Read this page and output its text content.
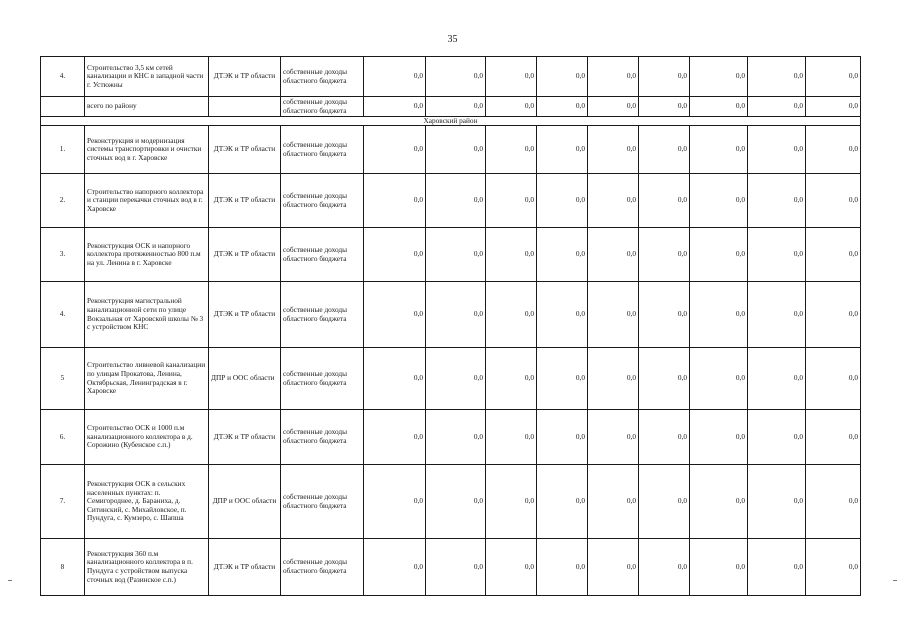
35
4.	Строительство 3,5 км сетей канализации и КНС в западной части г. Устюжны	ДТЭК и ТР области	собственные доходы областного бюджета	0,0	0,0	0,0	0,0	0,0	0,0	0,0	0,0	0,0
	всего по району		собственные доходы областного бюджета	0,0	0,0	0,0	0,0	0,0	0,0	0,0	0,0	0,0
Харовский район												
1.	Реконструкция и модернизация системы транспортировки и очистки сточных вод в г. Харовске	ДТЭК и ТР области	собственные доходы областного бюджета	0,0	0,0	0,0	0,0	0,0	0,0	0,0	0,0	0,0
2.	Строительство напорного коллектора и станции перекачки сточных вод в г. Харовске	ДТЭК и ТР области	собственные доходы областного бюджета	0,0	0,0	0,0	0,0	0,0	0,0	0,0	0,0	0,0
3.	Реконструкция ОСК и напорного коллектора протяженностью 800 п.м на ул. Ленина в г. Харовске	ДТЭК и ТР области	собственные доходы областного бюджета	0,0	0,0	0,0	0,0	0,0	0,0	0,0	0,0	0,0
4.	Реконструкция магистральной канализационной сети по улице Вокзальная от Харовской школы № 3 с устройством КНС	ДТЭК и ТР области	собственные доходы областного бюджета	0,0	0,0	0,0	0,0	0,0	0,0	0,0	0,0	0,0
5	Строительство ливневой канализации по улицам Прокатова, Ленина, Октябрьская, Ленинградская в г. Харовске	ДПР и ООС области	собственные доходы областного бюджета	0,0	0,0	0,0	0,0	0,0	0,0	0,0	0,0	0,0
6.	Строительство ОСК и 1000 п.м канализационного коллектора в д. Сорожино (Кубенское с.п.)	ДТЭК и ТР области	собственные доходы областного бюджета	0,0	0,0	0,0	0,0	0,0	0,0	0,0	0,0	0,0
7.	Реконструкция ОСК в сельских населенных пунктах: п. Семигороднее, д. Бараниха, д. Ситинский, с. Михайловское, п. Пундуга, с. Кумзеро, с. Шапша	ДПР и ООС области	собственные доходы областного бюджета	0,0	0,0	0,0	0,0	0,0	0,0	0,0	0,0	0,0
8	Реконструкция 360 п.м канализационного коллектора в п. Пундуга с устройством выпуска сточных вод (Разинское с.п.)	ДТЭК и ТР области	собственные доходы областного бюджета	0,0	0,0	0,0	0,0	0,0	0,0	0,0	0,0	0,0
